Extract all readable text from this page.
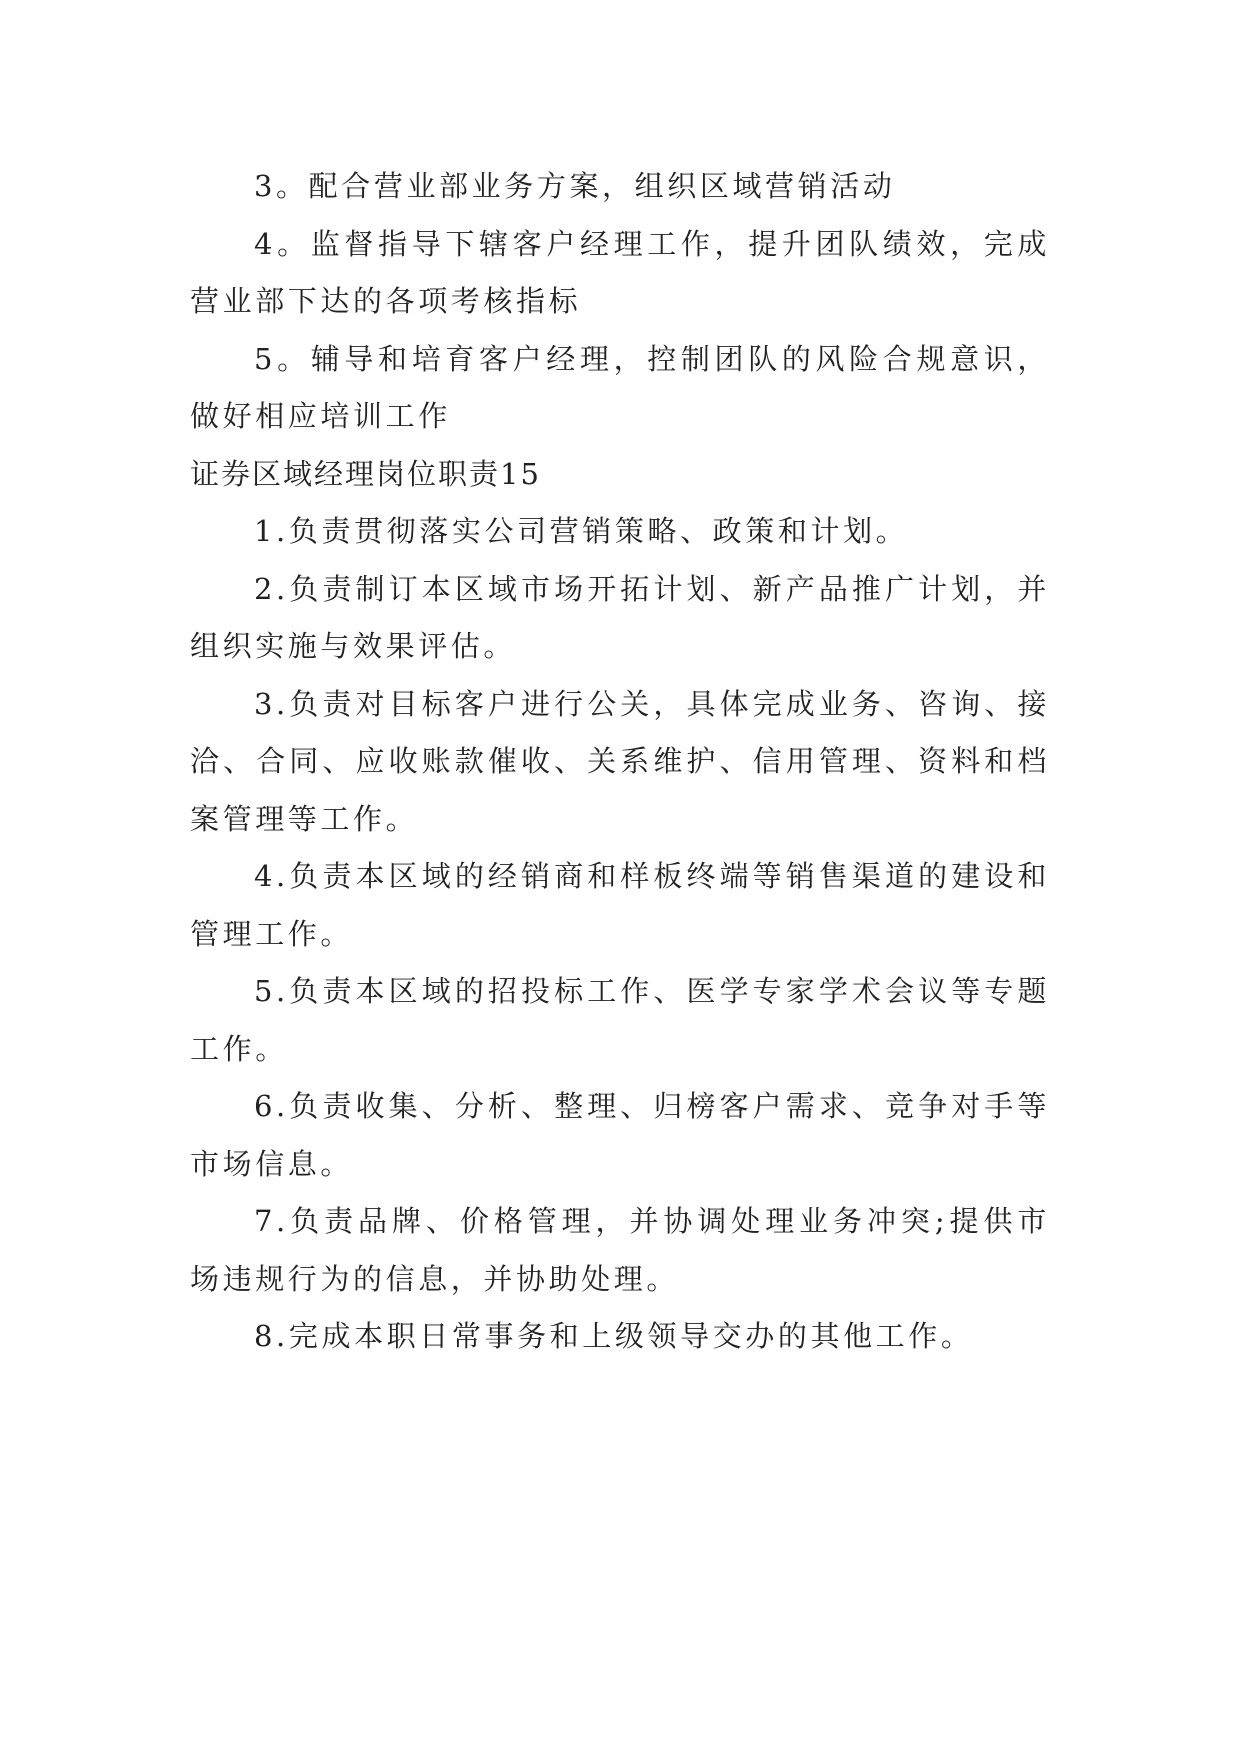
3。配合营业部业务方案，组织区域营销活动

4。监督指导下辖客户经理工作，提升团队绩效，完成营业部下达的各项考核指标

5。辅导和培育客户经理，控制团队的风险合规意识，做好相应培训工作

证券区域经理岗位职责15

1.负责贯彻落实公司营销策略、政策和计划。

2.负责制订本区域市场开拓计划、新产品推广计划，并组织实施与效果评估。

3.负责对目标客户进行公关，具体完成业务、咨询、接洽、合同、应收账款催收、关系维护、信用管理、资料和档案管理等工作。

4.负责本区域的经销商和样板终端等销售渠道的建设和管理工作。

5.负责本区域的招投标工作、医学专家学术会议等专题工作。

6.负责收集、分析、整理、归榜客户需求、竞争对手等市场信息。

7.负责品牌、价格管理，并协调处理业务冲突;提供市场违规行为的信息，并协助处理。

8.完成本职日常事务和上级领导交办的其他工作。
